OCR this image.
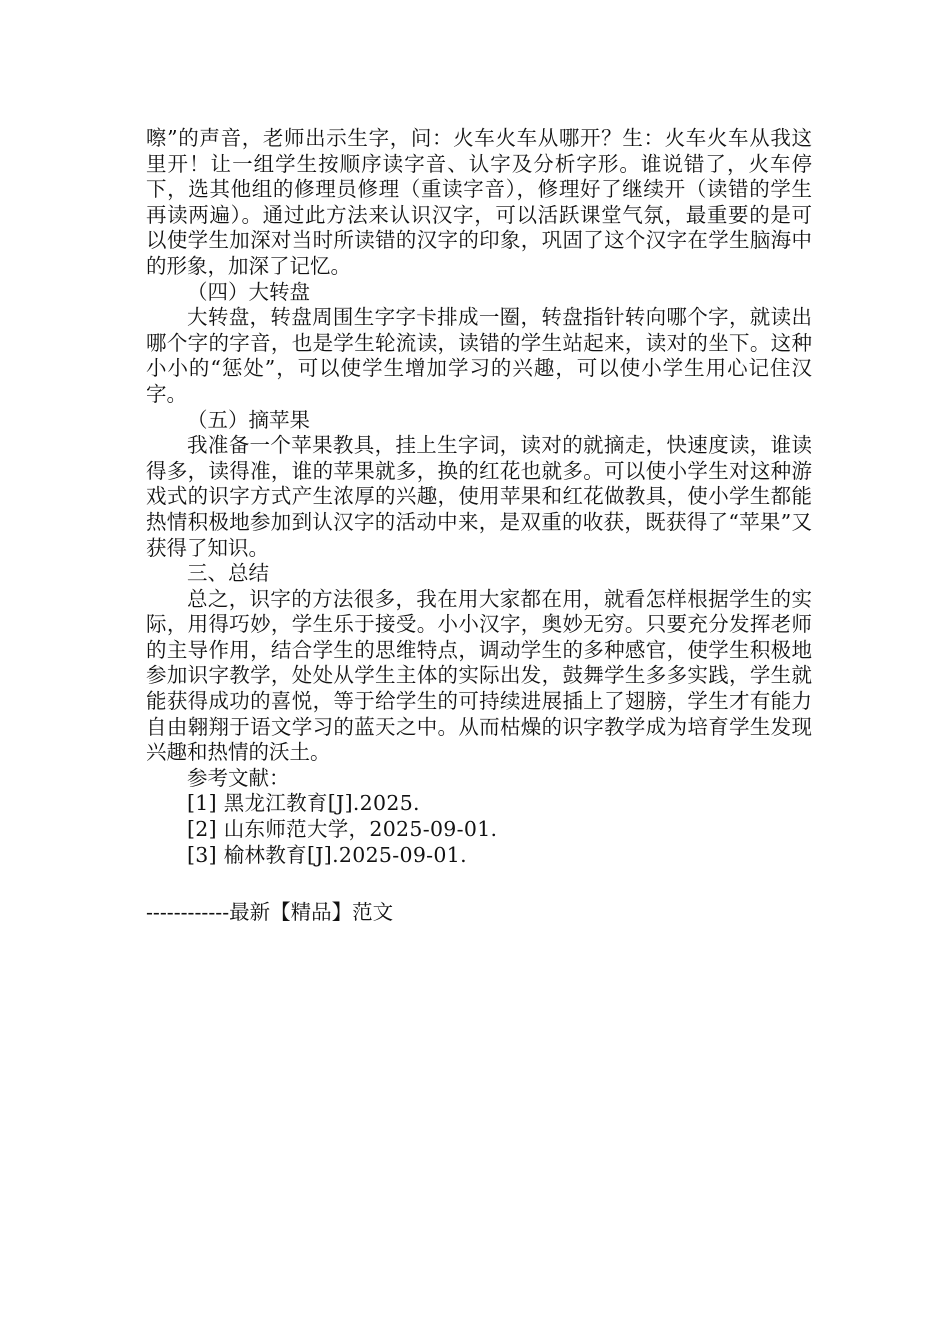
嚓”的声音，老师出示生字，问：火车火车从哪开？生：火车火车从我这里开！让一组学生按顺序读字音、认字及分析字形。谁说错了，火车停下，选其他组的修理员修理（重读字音），修理好了继续开（读错的学生再读两遍）。通过此方法来认识汉字，可以活跃课堂气氛，最重要的是可以使学生加深对当时所读错的汉字的印象，巩固了这个汉字在学生脑海中的形象，加深了记忆。

（四）大转盘

大转盘，转盘周围生字字卡排成一圈，转盘指针转向哪个字，就读出哪个字的字音，也是学生轮流读，读错的学生站起来，读对的坐下。这种小小的“惩处”，可以使学生增加学习的兴趣，可以使小学生用心记住汉字。

（五）摘苹果

我准备一个苹果教具，挂上生字词，读对的就摘走，快速度读，谁读得多，读得准，谁的苹果就多，换的红花也就多。可以使小学生对这种游戏式的识字方式产生浓厚的兴趣，使用苹果和红花做教具，使小学生都能热情积极地参加到认汉字的活动中来，是双重的收获，既获得了“苹果”又获得了知识。

三、总结

总之，识字的方法很多，我在用大家都在用，就看怎样根据学生的实际，用得巧妙，学生乐于接受。小小汉字，奥妙无穷。只要充分发挥老师的主导作用，结合学生的思维特点，调动学生的多种感官，使学生积极地参加识字教学，处处从学生主体的实际出发，鼓舞学生多多实践，学生就能获得成功的喜悦，等于给学生的可持续进展插上了翅膀，学生才有能力自由翱翔于语文学习的蓝天之中。从而枯燥的识字教学成为培育学生发现兴趣和热情的沃土。

参考文献：

[1] 黑龙江教育[J].2025.

[2] 山东师范大学，2025-09-01.

[3] 榆林教育[J].2025-09-01.

------------最新【精品】范文
